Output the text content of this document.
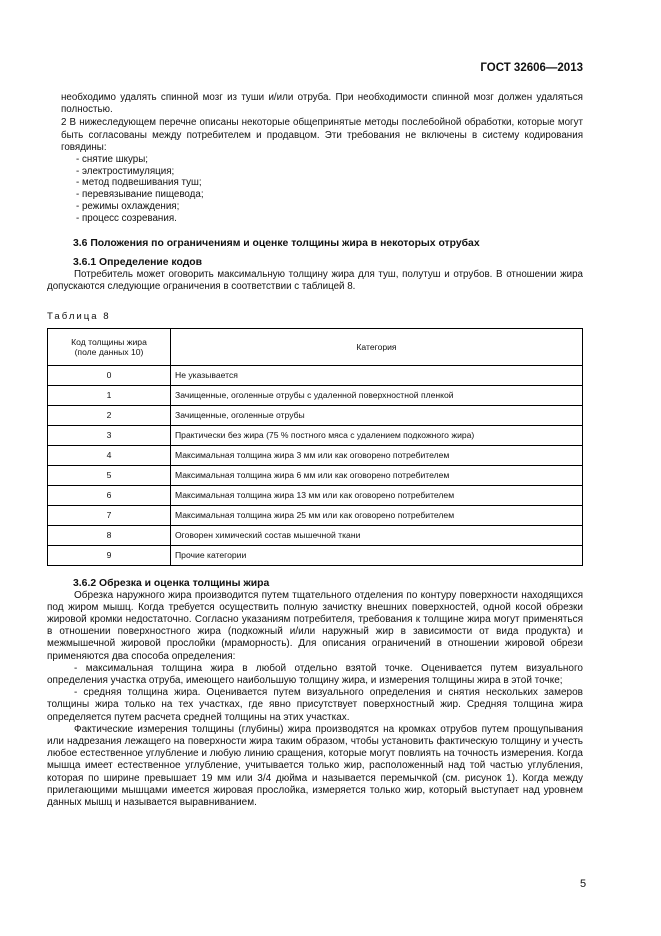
ГОСТ 32606—2013

необходимо удалять спинной мозг из туши и/или отруба. При необходимости спинной мозг должен удаляться полностью.

2 В нижеследующем перечне описаны некоторые общепринятые методы послебойной обработки, которые могут быть согласованы между потребителем и продавцом. Эти требования не включены в систему кодирования говядины:

- снятие шкуры;
- электростимуляция;
- метод подвешивания туш;
- перевязывание пищевода;
- режимы охлаждения;
- процесс созревания.
3.6 Положения по ограничениям и оценке толщины жира в некоторых отрубах
3.6.1 Определение кодов

Потребитель может оговорить максимальную толщину жира для туш, полутуш и отрубов. В отношении жира допускаются следующие ограничения в соответствии с таблицей 8.

Таблица 8
Код толщины жира
(поле данных 10)	Категория
0	Не указывается
1	Зачищенные, оголенные отрубы с удаленной поверхностной пленкой
2	Зачищенные, оголенные отрубы
3	Практически без жира (75 % постного мяса с удалением подкожного жира)
4	Максимальная толщина жира 3 мм или как оговорено потребителем
5	Максимальная толщина жира 6 мм или как оговорено потребителем
6	Максимальная толщина жира 13 мм или как оговорено потребителем
7	Максимальная толщина жира 25 мм или как оговорено потребителем
8	Оговорен химический состав мышечной ткани
9	Прочие категории
3.6.2 Обрезка и оценка толщины жира

Обрезка наружного жира производится путем тщательного отделения по контуру поверхности находящихся под жиром мышц. Когда требуется осуществить полную зачистку внешних поверхностей, одной косой обрезки жировой кромки недостаточно. Согласно указаниям потребителя, требования к толщине жира могут применяться в отношении поверхностного жира (подкожный и/или наружный жир в зависимости от вида продукта) и межмышечной жировой прослойки (мраморность). Для описания ограничений в отношении жировой обрези применяются два способа определения:

- максимальная толщина жира в любой отдельно взятой точке. Оценивается путем визуального определения участка отруба, имеющего наибольшую толщину жира, и измерения толщины жира в этой точке;

- средняя толщина жира. Оценивается путем визуального определения и снятия нескольких замеров толщины жира только на тех участках, где явно присутствует поверхностный жир. Средняя толщина жира определяется путем расчета средней толщины на этих участках.

Фактические измерения толщины (глубины) жира производятся на кромках отрубов путем прощупывания или надрезания лежащего на поверхности жира таким образом, чтобы установить фактическую толщину и учесть любое естественное углубление и любую линию сращения, которые могут повлиять на точность измерения. Когда мышца имеет естественное углубление, учитывается только жир, расположенный над той частью углубления, которая по ширине превышает 19 мм или 3/4 дюйма и называется перемычкой (см. рисунок 1). Когда между прилегающими мышцами имеется жировая прослойка, измеряется только жир, который выступает над уровнем данных мышц и называется выравниванием.

5
